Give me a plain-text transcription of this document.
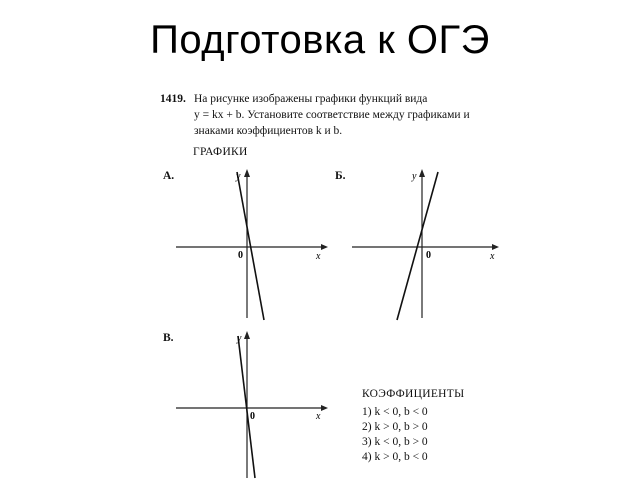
Подготовка к ОГЭ
1419. На рисунке изображены графики функций вида
y = kx + b. Установите соответствие между графиками и
знаками коэффициентов k и b.
ГРАФИКИ
А.	y
x
0
Б.	y
x
0
В.	y
x
0
КОЭФФИЦИЕНТЫ
1) k < 0, b < 0
2) k > 0, b > 0
3) k < 0, b > 0
4) k > 0, b < 0
